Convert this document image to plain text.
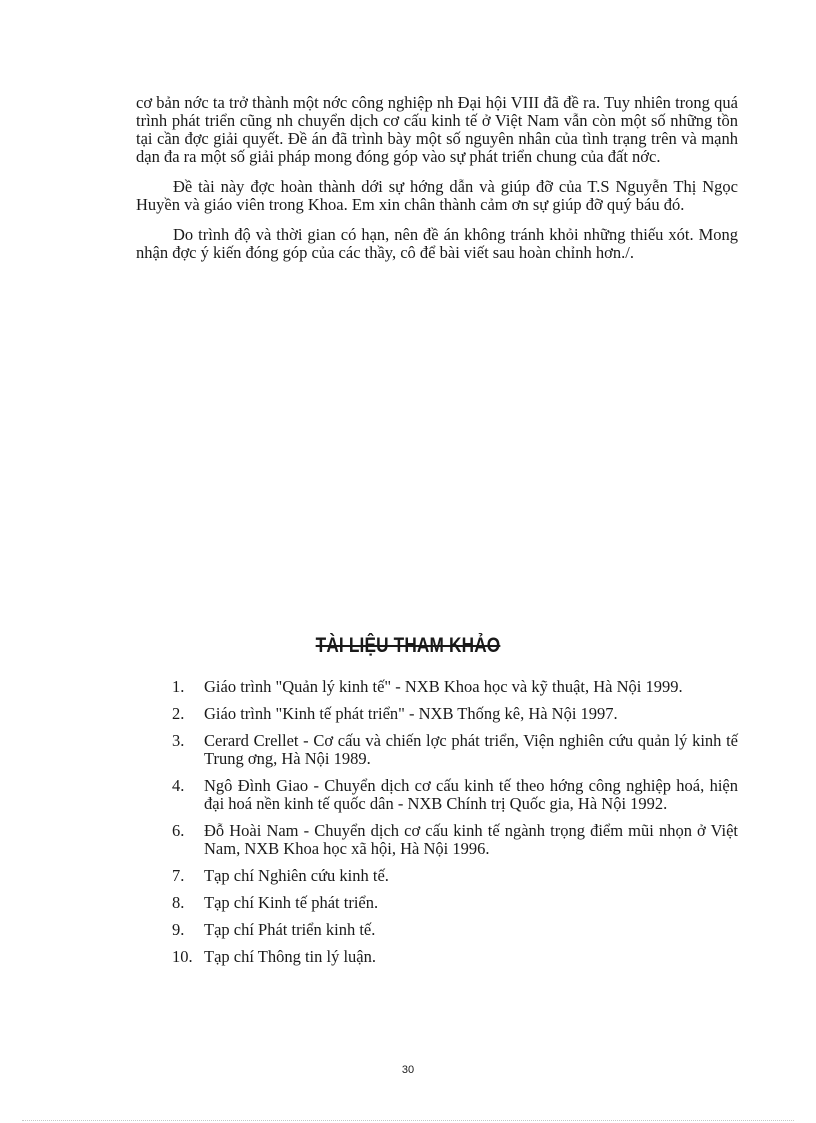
cơ bản nớc ta trở thành một nớc công nghiệp nh Đại hội VIII đã đề ra. Tuy nhiên trong quá trình phát triển cũng nh chuyển dịch cơ cấu kinh tế ở Việt Nam vẫn còn một số những tồn tại cần đợc giải quyết. Đề án đã trình bày một số nguyên nhân của tình trạng trên và mạnh dạn đa ra một số giải pháp mong đóng góp vào sự phát triển chung của đất nớc.

Đề tài này đợc hoàn thành dới sự hớng dẫn và giúp đỡ của T.S Nguyễn Thị Ngọc Huyền và giáo viên trong Khoa. Em xin chân thành cảm ơn sự giúp đỡ quý báu đó.

Do trình độ và thời gian có hạn, nên đề án không tránh khỏi những thiếu xót. Mong nhận đợc ý kiến đóng góp của các thầy, cô để bài viết sau hoàn chỉnh hơn./.

TÀI LIỆU THAM KHẢO
1.	Giáo trình "Quản lý kinh tế" - NXB Khoa học và kỹ thuật, Hà Nội 1999.
2.	Giáo trình "Kinh tế phát triển" - NXB Thống kê, Hà Nội 1997.
3.	Cerard Crellet - Cơ cấu và chiến lợc phát triển, Viện nghiên cứu quản lý kinh tế Trung ơng, Hà Nội 1989.
4.	Ngô Đình Giao - Chuyển dịch cơ cấu kinh tế theo hớng công nghiệp hoá, hiện đại hoá nền kinh tế quốc dân - NXB Chính trị Quốc gia, Hà Nội 1992.
6.	Đỗ Hoài Nam - Chuyển dịch cơ cấu kinh tế ngành trọng điểm mũi nhọn ở Việt Nam, NXB Khoa học xã hội, Hà Nội 1996.
7.	Tạp chí Nghiên cứu kinh tế.
8.	Tạp chí Kinh tế phát triển.
9.	Tạp chí Phát triển kinh tế.
10. Tạp chí Thông tin lý luận.
30
